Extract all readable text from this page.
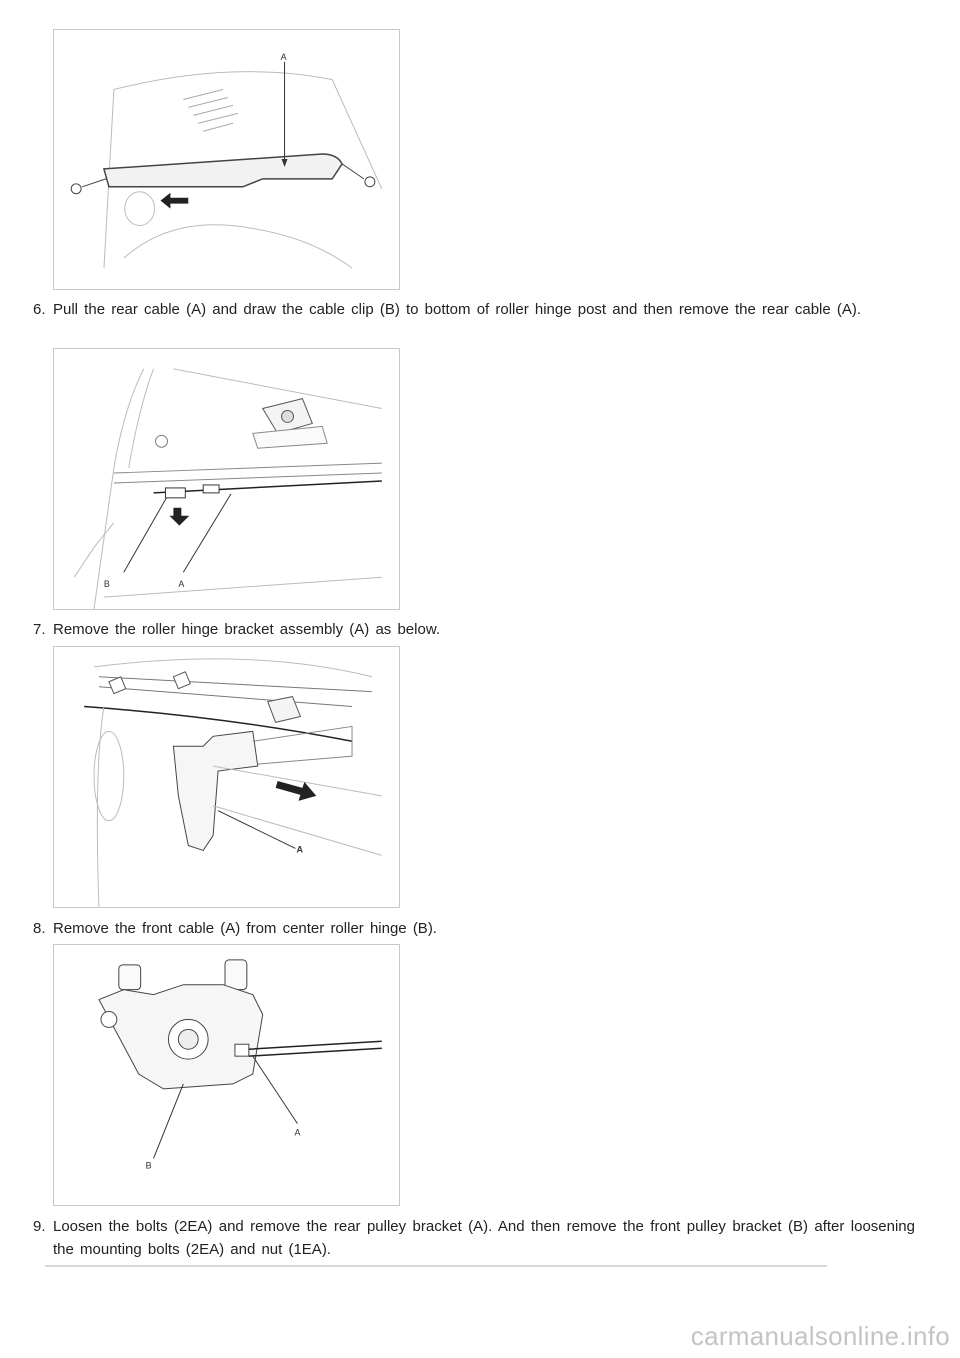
A
6. Pull the rear cable (A) and draw the cable clip (B) to bottom of roller hinge post and then remove the rear cable (A).
B	A
7. Remove the roller hinge bracket assembly (A) as below.
A
8. Remove the front cable (A) from center roller hinge (B).
A
B
9. Loosen the bolts (2EA) and remove the rear pulley bracket (A). And then remove the front pulley bracket (B) after loosening the mounting bolts (2EA) and nut (1EA).
carmanualsonline.info
